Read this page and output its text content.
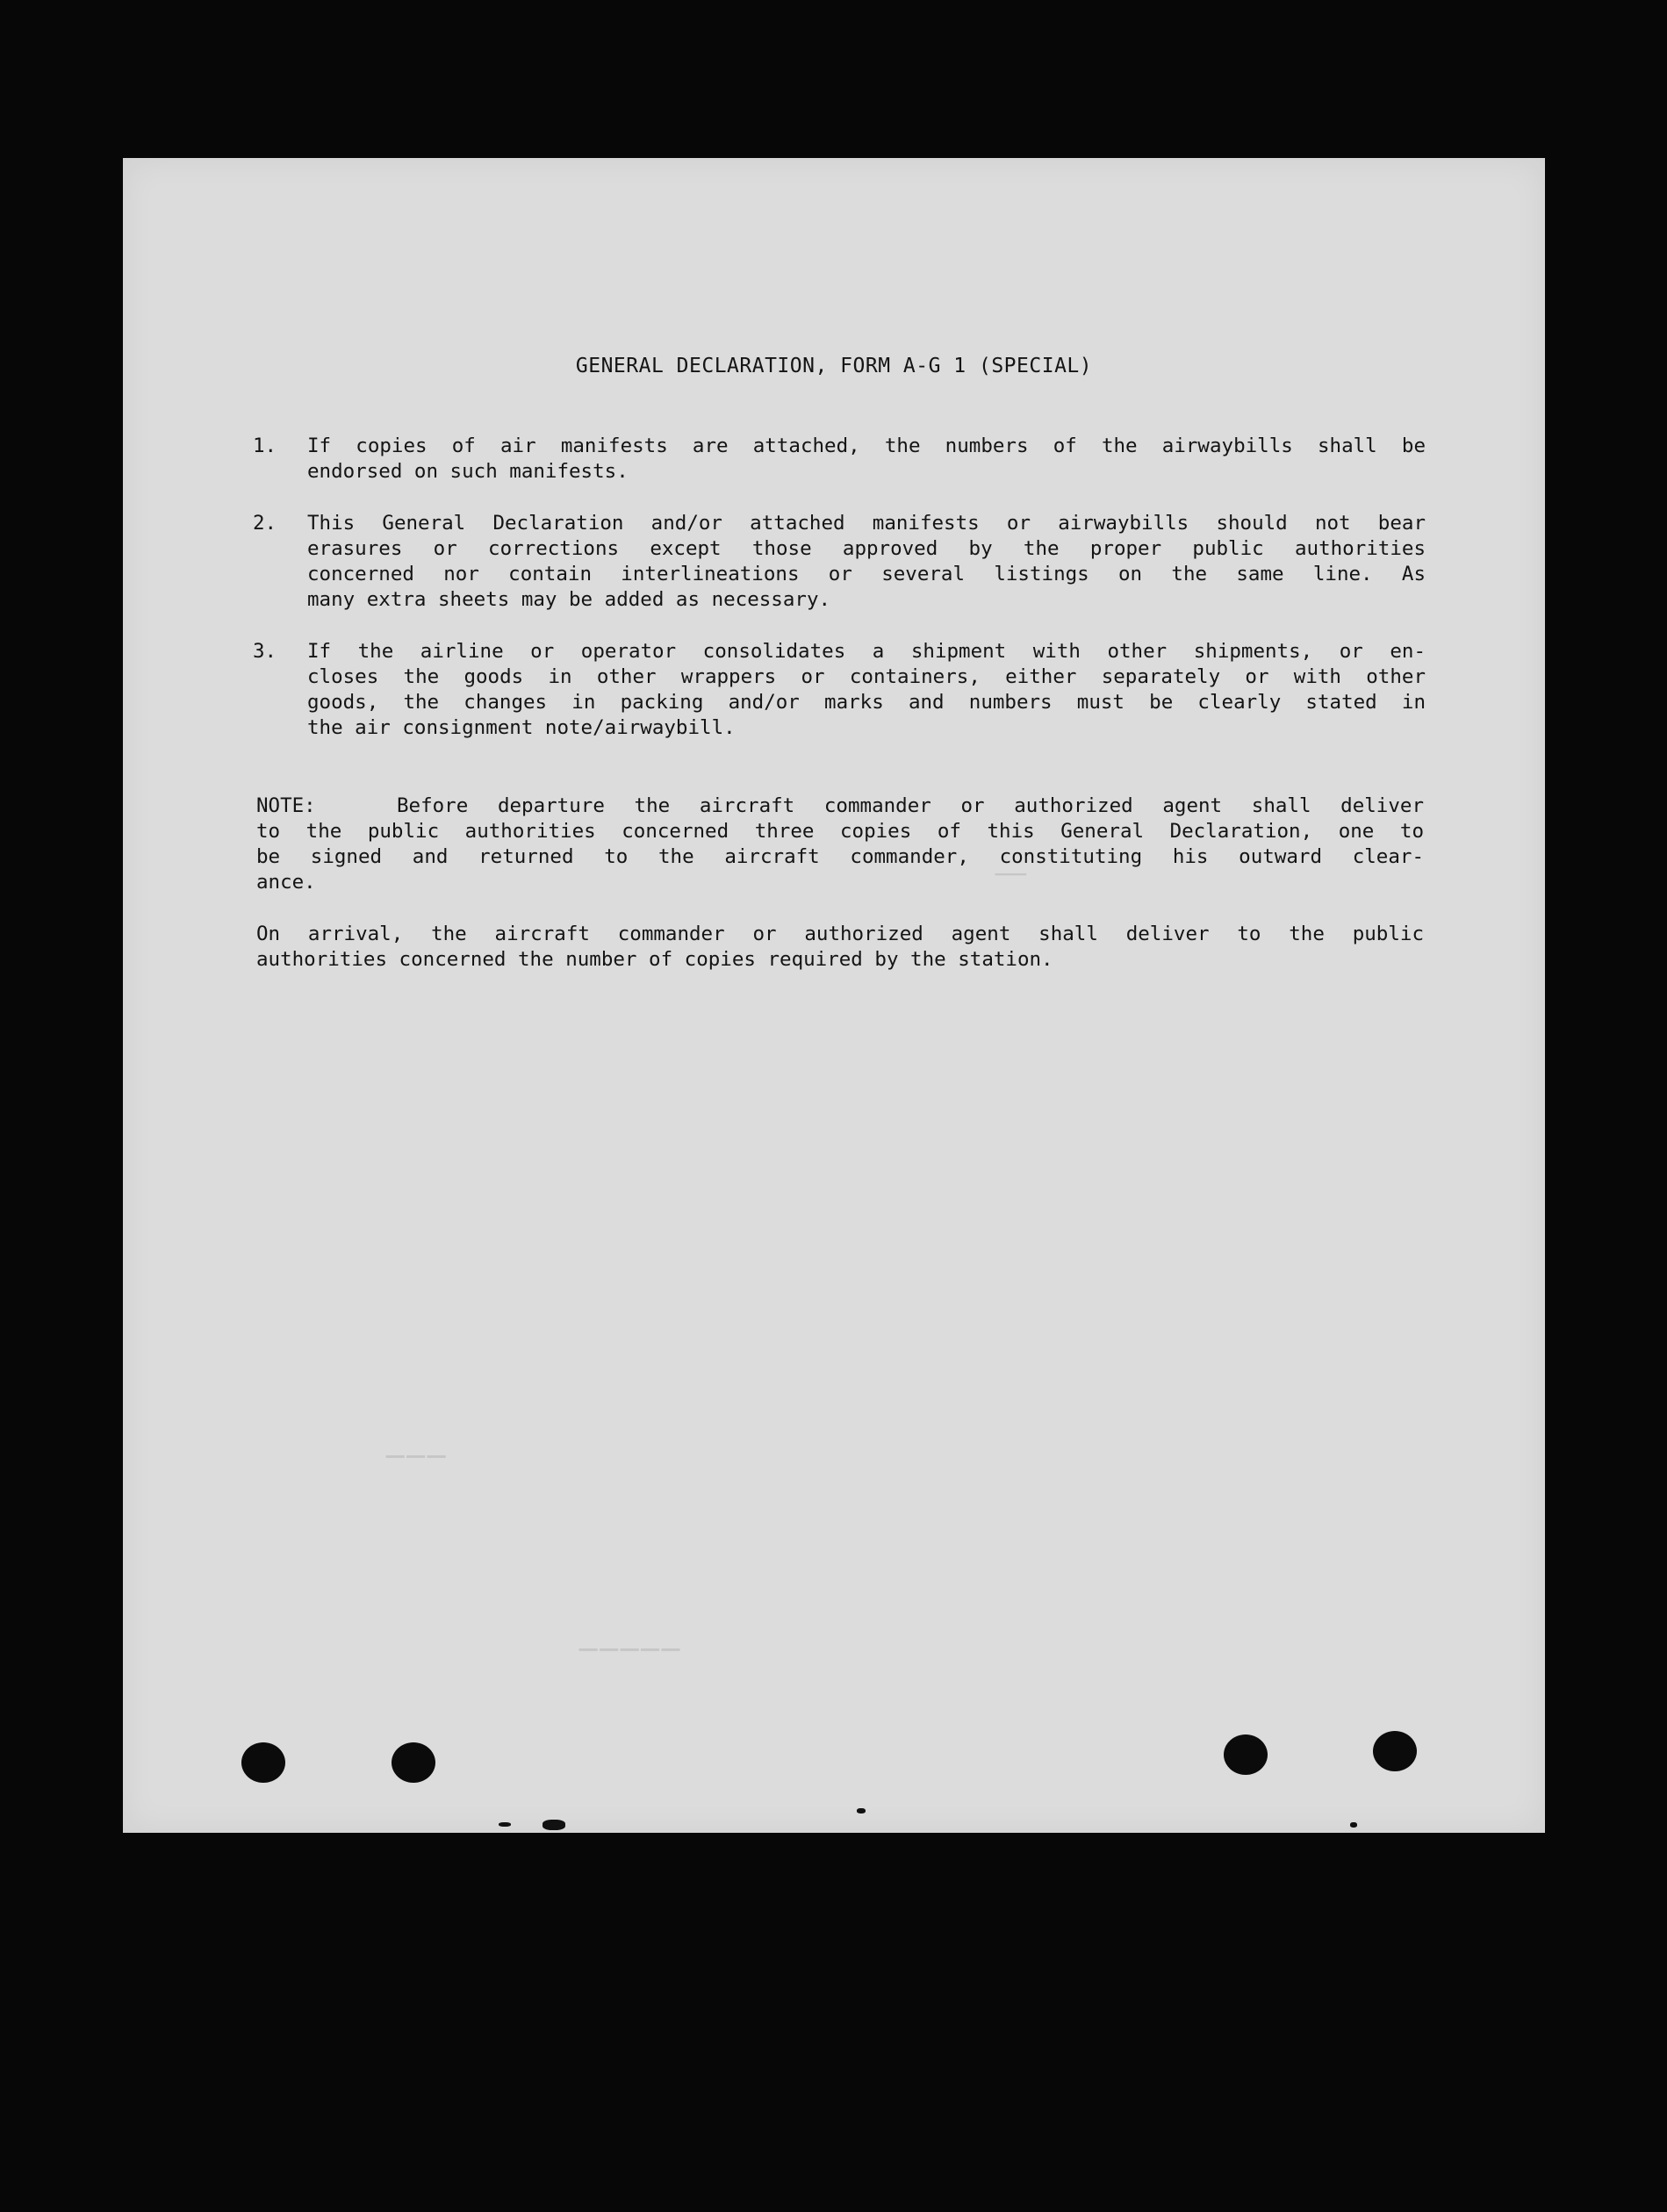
│
───
─────
GENERAL DECLARATION, FORM A-G 1 (SPECIAL)
1.	If copies of air manifests are attached, the numbers of the airwaybills shall be

endorsed on such manifests.

2.	This General Declaration and/or attached manifests or airwaybills should not bear

erasures or corrections except those approved by the proper public authorities

concerned nor contain interlineations or several listings on the same line. As

many extra sheets may be added as necessary.

3.	If the airline or operator consolidates a shipment with other shipments, or en-

closes the goods in other wrappers or containers, either separately or with other

goods, the changes in packing and/or marks and numbers must be clearly stated in

the air consignment note/airwaybill.

NOTE:	Before departure the aircraft commander or authorized agent shall deliver

to the public authorities concerned three copies of this General Declaration, one to

be signed and returned to the aircraft commander, constituting his outward clear-

ance.

On arrival, the aircraft commander or authorized agent shall deliver to the public

authorities concerned the number of copies required by the station.
